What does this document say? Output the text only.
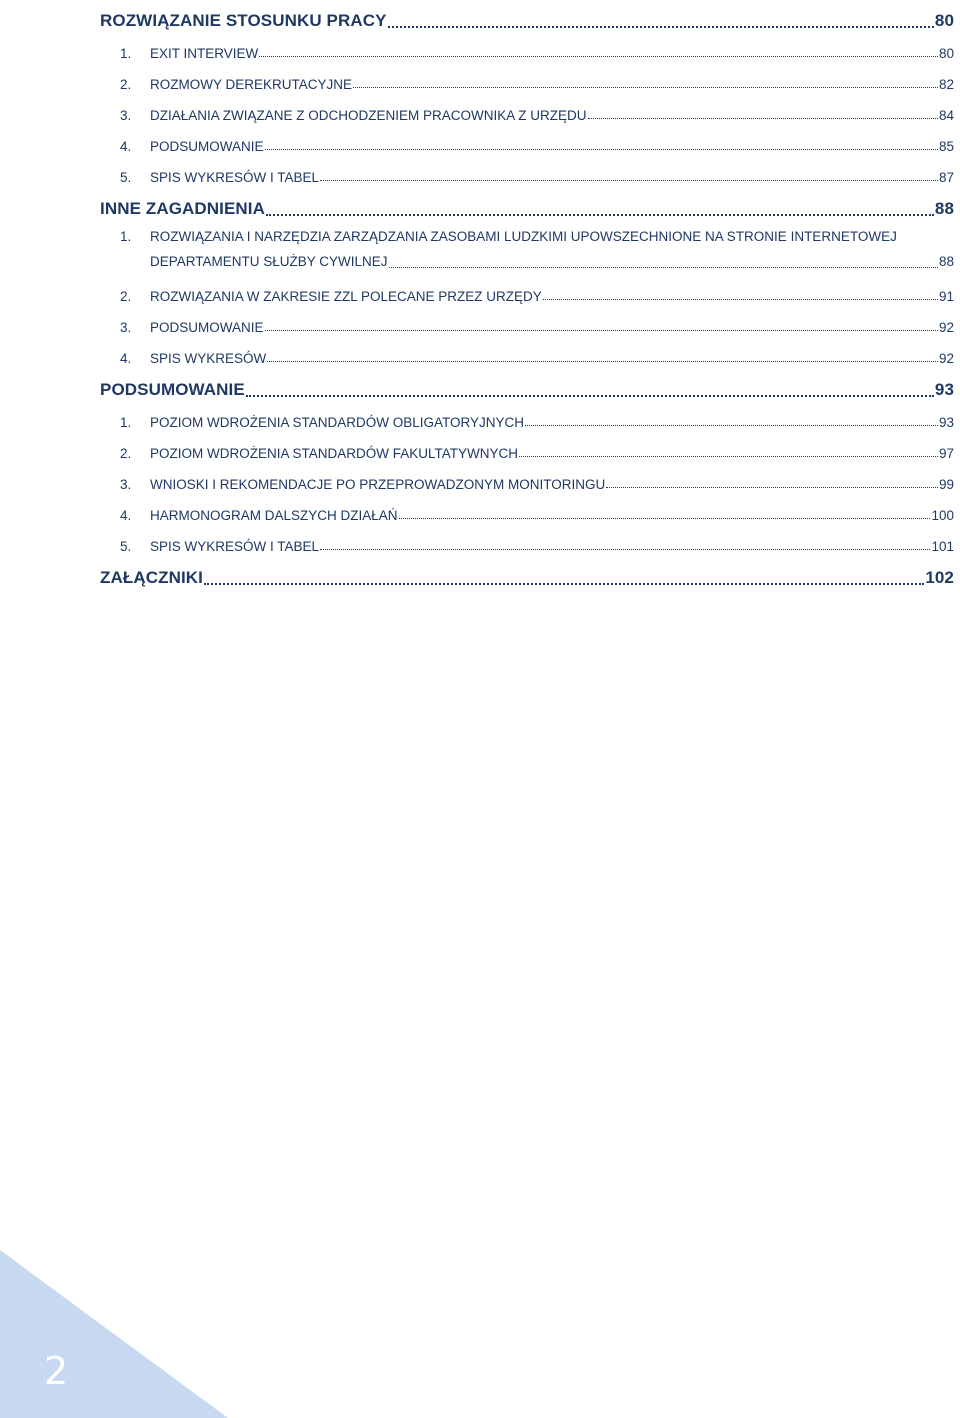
ROZWIĄZANIE STOSUNKU PRACY	80
1.	EXIT INTERVIEW	80
2.	ROZMOWY DEREKRUTACYJNE	82
3.	DZIAŁANIA ZWIĄZANE Z ODCHODZENIEM PRACOWNIKA Z URZĘDU	84
4.	PODSUMOWANIE	85
5.	SPIS WYKRESÓW I TABEL	87
INNE ZAGADNIENIA	88
1.	ROZWIĄZANIA I NARZĘDZIA ZARZĄDZANIA ZASOBAMI LUDZKIMI UPOWSZECHNIONE NA STRONIE INTERNETOWEJ
DEPARTAMENTU SŁUŻBY CYWILNEJ	88
2.	ROZWIĄZANIA W ZAKRESIE ZZL POLECANE PRZEZ URZĘDY	91
3.	PODSUMOWANIE	92
4.	SPIS WYKRESÓW	92
PODSUMOWANIE	93
1.	POZIOM WDROŻENIA STANDARDÓW OBLIGATORYJNYCH	93
2.	POZIOM WDROŻENIA STANDARDÓW FAKULTATYWNYCH	97
3.	WNIOSKI I REKOMENDACJE PO PRZEPROWADZONYM MONITORINGU	99
4.	HARMONOGRAM DALSZYCH DZIAŁAŃ	100
5.	SPIS WYKRESÓW I TABEL	101
ZAŁĄCZNIKI	102
2
